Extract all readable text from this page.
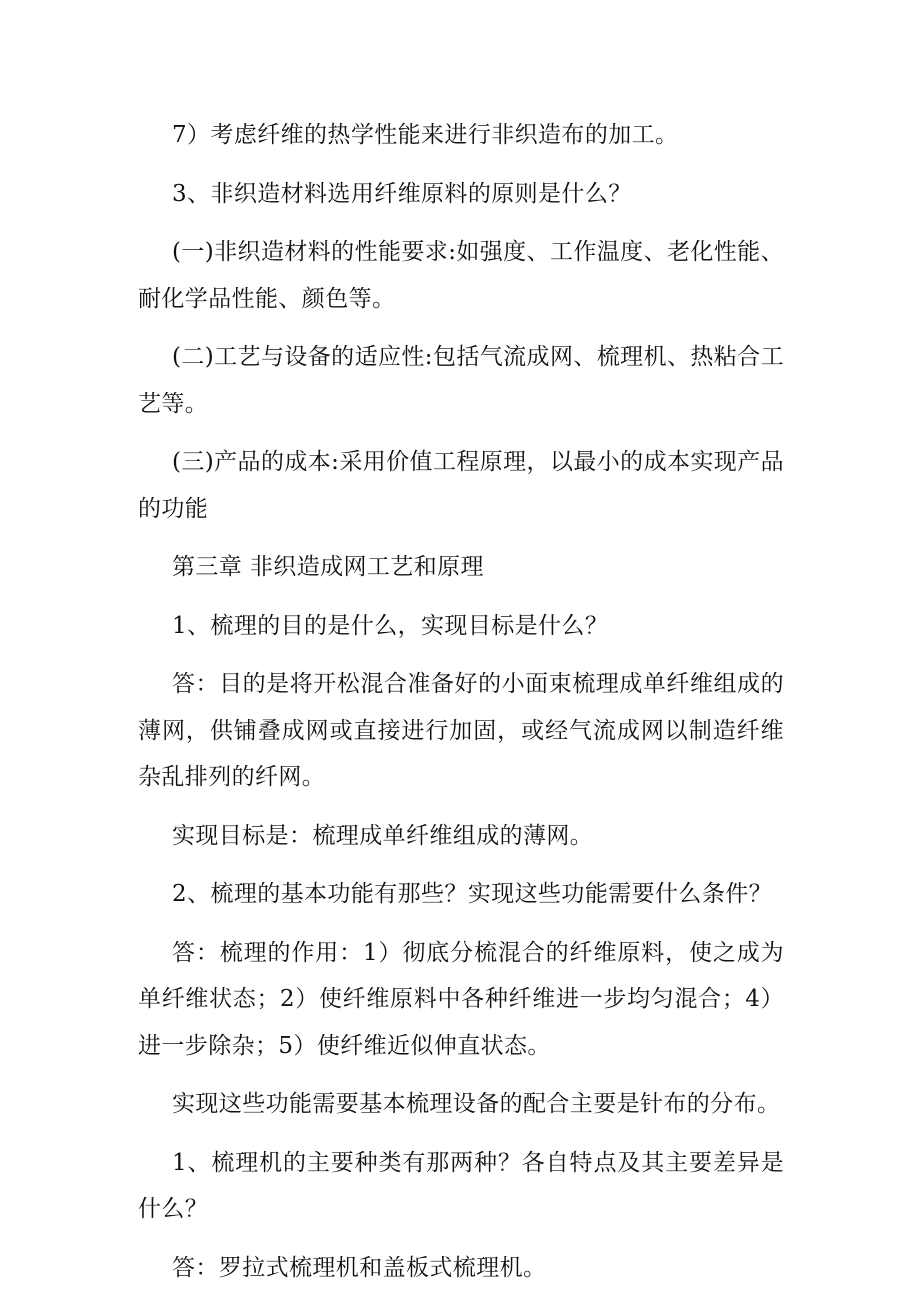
7）考虑纤维的热学性能来进行非织造布的加工。

3、非织造材料选用纤维原料的原则是什么？

(一)非织造材料的性能要求:如强度、工作温度、老化性能、耐化学品性能、颜色等。

(二)工艺与设备的适应性:包括气流成网、梳理机、热粘合工艺等。

(三)产品的成本:采用价值工程原理，以最小的成本实现产品的功能

第三章 非织造成网工艺和原理

1、梳理的目的是什么，实现目标是什么？

答：目的是将开松混合准备好的小面束梳理成单纤维组成的薄网，供铺叠成网或直接进行加固，或经气流成网以制造纤维杂乱排列的纤网。

实现目标是：梳理成单纤维组成的薄网。

2、梳理的基本功能有那些？实现这些功能需要什么条件？

答：梳理的作用：1）彻底分梳混合的纤维原料，使之成为单纤维状态；2）使纤维原料中各种纤维进一步均匀混合；4）进一步除杂；5）使纤维近似伸直状态。

实现这些功能需要基本梳理设备的配合主要是针布的分布。

1、梳理机的主要种类有那两种？各自特点及其主要差异是什么？

答：罗拉式梳理机和盖板式梳理机。
